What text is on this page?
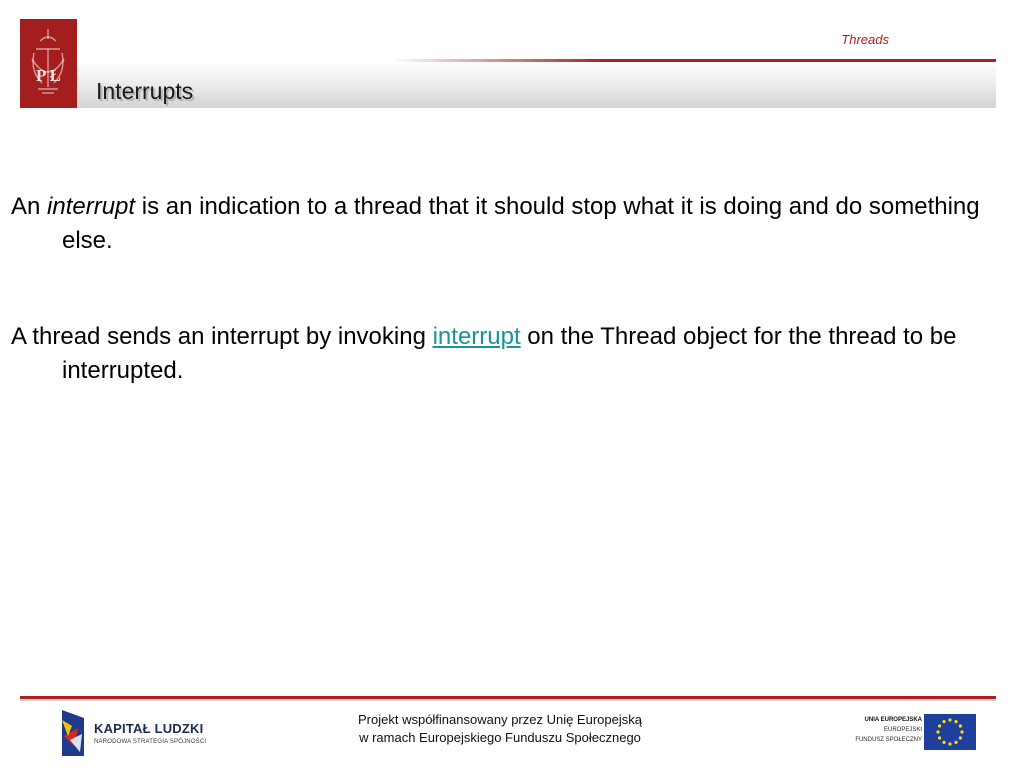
Threads
P Ł
Interrupts

An interrupt is an indication to a thread that it should stop what it is doing and do something else.

A thread sends an interrupt by invoking interrupt on the Thread object for the thread to be interrupted.

KAPITAŁ LUDZKI
NARODOWA STRATEGIA SPÓJNOŚCI
Projekt współfinansowany przez Unię Europejską
w ramach Europejskiego Funduszu Społecznego
UNIA EUROPEJSKA
EUROPEJSKI
FUNDUSZ SPOŁECZNY
